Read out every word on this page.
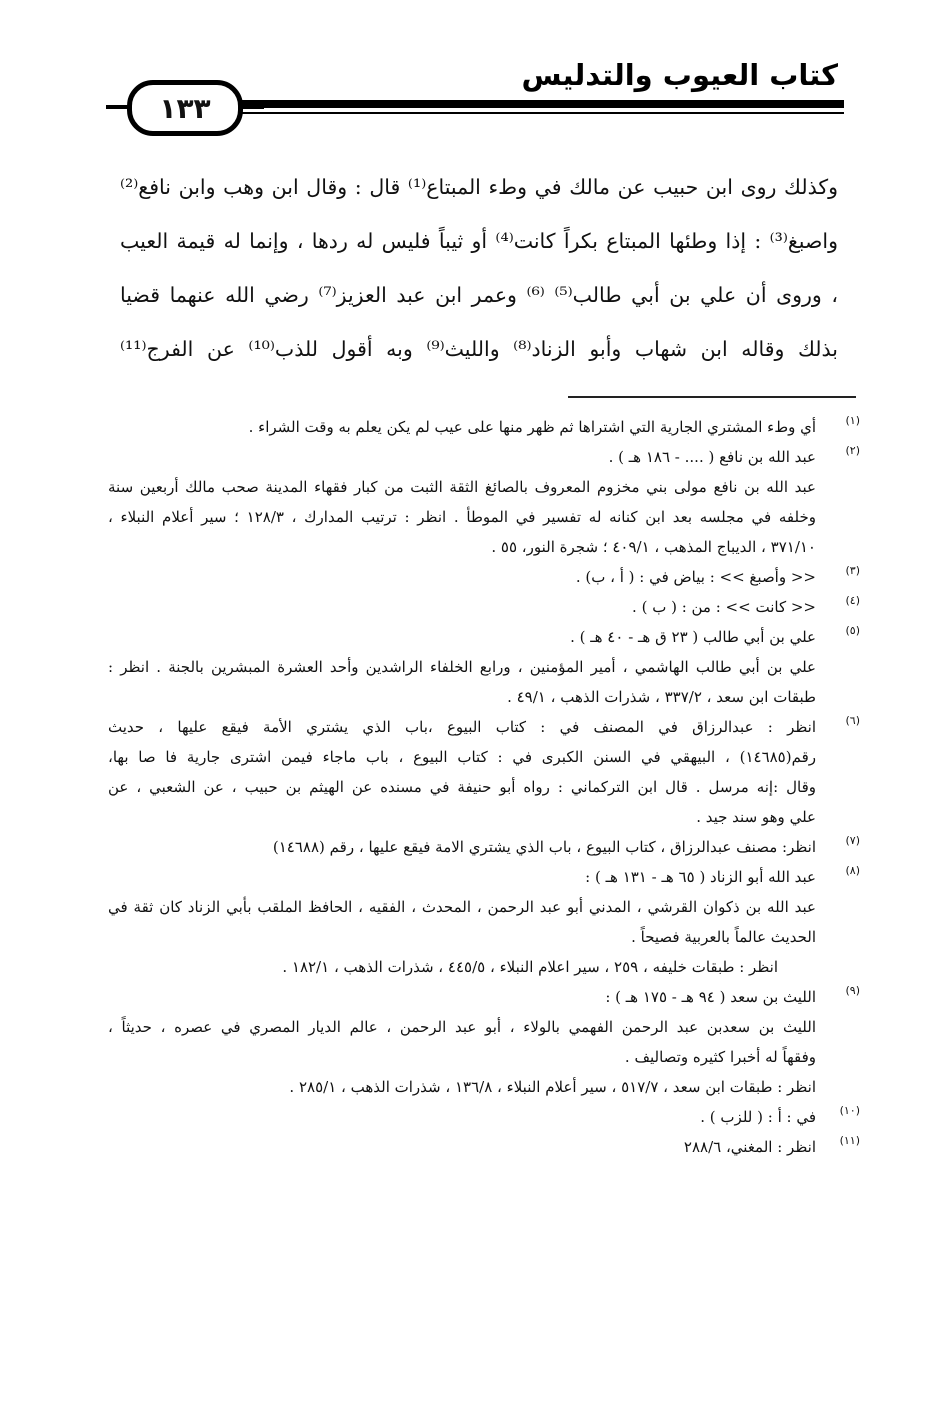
كتاب العيوب والتدليس
١٣٣
وكذلك روى ابن حبيب عن مالك في وطء المبتاع⁽¹⁾ قال : وقال ابن وهب وابن نافع⁽²⁾
واصبغ⁽³⁾ : إذا وطئها المبتاع بكراً كانت⁽⁴⁾ أو ثيباً فليس له ردها ، وإنما له قيمة العيب
، وروى أن علي بن أبي طالب⁽⁵⁾ ⁽⁶⁾ وعمر ابن عبد العزيز⁽⁷⁾ رضي الله عنهما قضيا
بذلك وقاله ابن شهاب وأبو الزناد⁽⁸⁾ والليث⁽⁹⁾ وبه أقول للذب⁽¹⁰⁾ عن الفرج⁽¹¹⁾
(١)
أي وطء المشتري الجارية التي اشتراها ثم ظهر منها على عيب لم يكن يعلم به وقت الشراء .
(٢)
عبد الله بن نافع ( .... - ١٨٦ هـ ) .
عبد الله بن نافع مولى بني مخزوم المعروف بالصائغ الثقة الثبت من كبار فقهاء المدينة صحب مالك أربعين سنة
وخلفه في مجلسه بعد ابن كنانه له تفسير في الموطأ . انظر : ترتيب المدارك ، ١٢٨/٣ ؛ سير أعلام النبلاء ،
٣٧١/١٠ ، الديباج المذهب ، ٤٠٩/١ ؛ شجرة النور، ٥٥ .
(٣)
<< وأصبغ >> : بياض في : ( أ ، ب) .
(٤)
<< كانت >> : من : ( ب ) .
(٥)
علي بن أبي طالب ( ٢٣ ق هـ - ٤٠ هـ ) .
علي بن أبي طالب الهاشمي ، أمير المؤمنين ، ورابع الخلفاء الراشدين وأحد العشرة المبشرين بالجنة . انظر :
طبقات ابن سعد ، ٣٣٧/٢ ، شذرات الذهب ، ٤٩/١ .
(٦)
انظر : عبدالرزاق في المصنف في : كتاب البيوع ،باب الذي يشتري الأمة فيقع عليها ، حديث
رقم(١٤٦٨٥) ، البيهقي في السنن الكبرى في : كتاب البيوع ، باب ماجاء فيمن اشترى جارية فا صا بها،
وقال :إنه مرسل . قال ابن التركماني : رواه أبو حنيفة في مسنده عن الهيثم بن حبيب ، عن الشعبي ، عن
علي وهو سند جيد .
(٧)
انظر: مصنف عبدالرزاق ، كتاب البيوع ، باب الذي يشتري الامة فيقع عليها ، رقم (١٤٦٨٨)
(٨)
عبد الله أبو الزناد ( ٦٥ هـ - ١٣١ هـ ) :
عبد الله بن ذكوان القرشي ، المدني أبو عبد الرحمن ، المحدث ، الفقيه ، الحافظ الملقب بأبي الزناد كان ثقة في
الحديث عالماً بالعربية فصيحاً .
انظر : طبقات خليفه ، ٢٥٩ ، سير اعلام النبلاء ، ٤٤٥/٥ ، شذرات الذهب ، ١٨٢/١ .
(٩)
الليث بن سعد ( ٩٤ هـ - ١٧٥ هـ ) :
الليث بن سعدبن عبد الرحمن الفهمي بالولاء ، أبو عبد الرحمن ، عالم الديار المصري في عصره ، حديثاً ،
وفقهاً له أخبرا كثيره وتصاليف .
انظر : طبقات ابن سعد ، ٥١٧/٧ ، سير أعلام النبلاء ، ١٣٦/٨ ، شذرات الذهب ، ٢٨٥/١ .
(١٠)
في : أ : ( للزب ) .
(١١)
انظر : المغني، ٢٨٨/٦
